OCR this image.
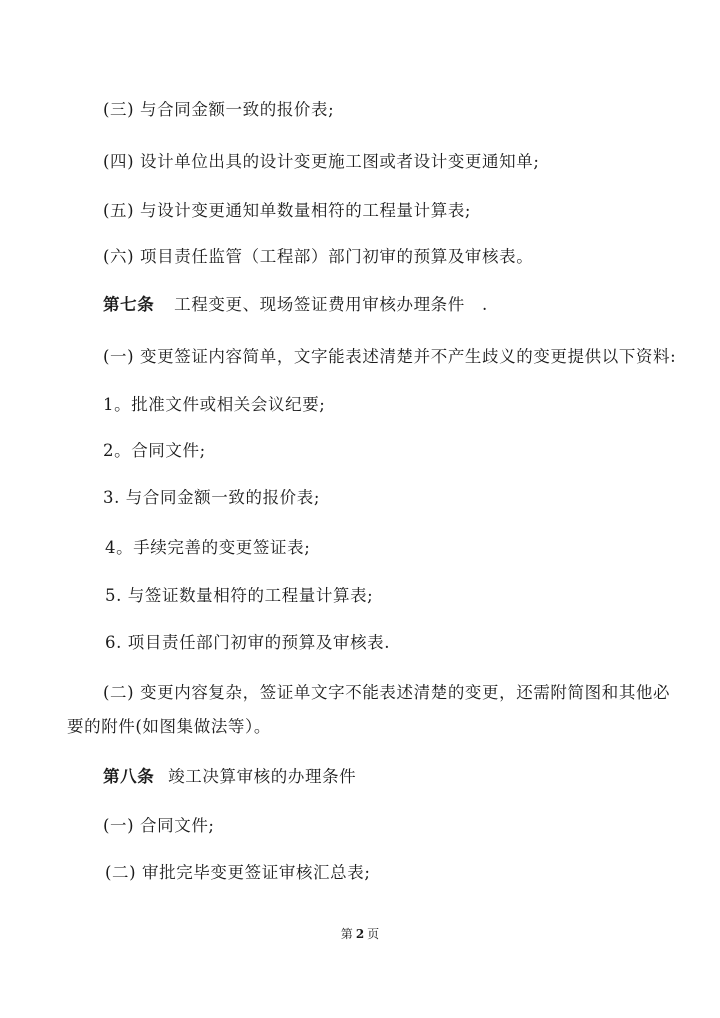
(三) 与合同金额一致的报价表;
(四) 设计单位出具的设计变更施工图或者设计变更通知单;
(五) 与设计变更通知单数量相符的工程量计算表;
(六) 项目责任监管（工程部）部门初审的预算及审核表。
第七条 工程变更、现场签证费用审核办理条件　.
(一) 变更签证内容简单，文字能表述清楚并不产生歧义的变更提供以下资料:
1。批准文件或相关会议纪要;
2。合同文件;
3. 与合同金额一致的报价表;
4。手续完善的变更签证表;
5. 与签证数量相符的工程量计算表;
6. 项目责任部门初审的预算及审核表.
(二) 变更内容复杂，签证单文字不能表述清楚的变更，还需附简图和其他必
要的附件(如图集做法等）。
第八条 竣工决算审核的办理条件
(一) 合同文件;
(二) 审批完毕变更签证审核汇总表;
第 2 页
